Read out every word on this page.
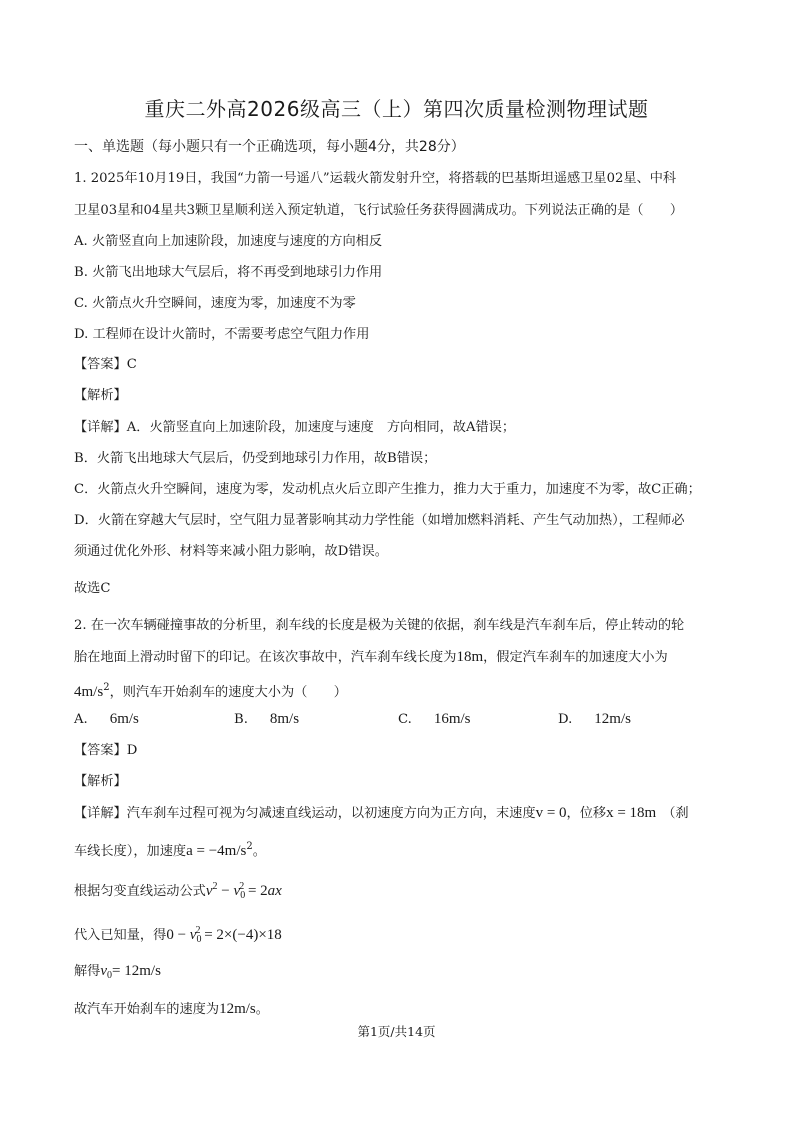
重庆二外高2026级高三（上）第四次质量检测物理试题
一、单选题（每小题只有一个正确选项，每小题4分，共28分）
1. 2025年10月19日，我国“力箭一号遥八”运载火箭发射升空，将搭载的巴基斯坦遥感卫星02星、中科
卫星03星和04星共3颗卫星顺利送入预定轨道，飞行试验任务获得圆满成功。下列说法正确的是（　　）
A. 火箭竖直向上加速阶段，加速度与速度的方向相反
B. 火箭飞出地球大气层后，将不再受到地球引力作用
C. 火箭点火升空瞬间，速度为零，加速度不为零
D. 工程师在设计火箭时，不需要考虑空气阻力作用
【答案】C
【解析】
【详解】A．火箭竖直向上加速阶段，加速度与速度　方向相同，故A错误；
B．火箭飞出地球大气层后，仍受到地球引力作用，故B错误；
C．火箭点火升空瞬间，速度为零，发动机点火后立即产生推力，推力大于重力，加速度不为零，故C正确；
D．火箭在穿越大气层时，空气阻力显著影响其动力学性能（如增加燃料消耗、产生气动加热），工程师必
须通过优化外形、材料等来减小阻力影响，故D错误。
故选C
2. 在一次车辆碰撞事故的分析里，刹车线的长度是极为关键的依据，刹车线是汽车刹车后，停止转动的轮
胎在地面上滑动时留下的印记。在该次事故中，汽车刹车线长度为18m，假定汽车刹车的加速度大小为
$4m/s^2$，则汽车开始刹车的速度大小为（　　）
A. 6m/s	B. 8m/s	C. 16m/s	D. 12m/s
【答案】D
【解析】
【详解】汽车刹车过程可视为匀减速直线运动，以初速度方向为正方向，末速度v = 0，位移x = 18m （刹
车线长度），加速度$a = -4m/s^2$。
根据匀变直线运动公式$v^2 - v_0^2 = 2ax$
代入已知量，得$0 - v_0^2 = 2\times(-4)\times 18$
解得$v_0= 12m/s$
故汽车开始刹车的速度为12m/s。
第1页/共14页
